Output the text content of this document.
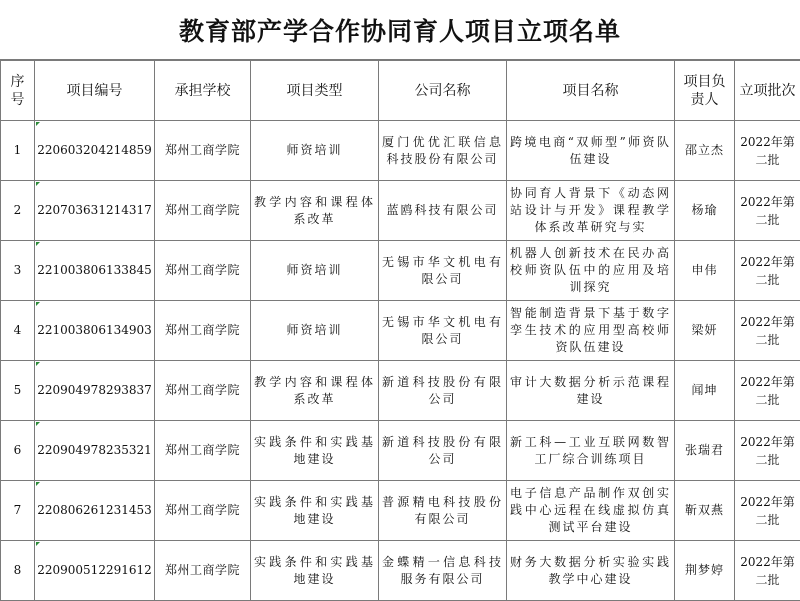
教育部产学合作协同育人项目立项名单
序号	项目编号	承担学校	项目类型	公司名称	项目名称	项目负责人	立项批次
1	220603204214859	郑州工商学院	师资培训	厦门优优汇联信息科技股份有限公司	跨境电商“双师型”师资队伍建设	邵立杰	2022年第二批
2	220703631214317	郑州工商学院	教学内容和课程体系改革	蓝鸥科技有限公司	协同育人背景下《动态网站设计与开发》课程教学体系改革研究与实	杨瑜	2022年第二批
3	221003806133845	郑州工商学院	师资培训	无锡市华文机电有限公司	机器人创新技术在民办高校师资队伍中的应用及培训探究	申伟	2022年第二批
4	221003806134903	郑州工商学院	师资培训	无锡市华文机电有限公司	智能制造背景下基于数字孪生技术的应用型高校师资队伍建设	梁妍	2022年第二批
5	220904978293837	郑州工商学院	教学内容和课程体系改革	新道科技股份有限公司	审计大数据分析示范课程建设	闻坤	2022年第二批
6	220904978235321	郑州工商学院	实践条件和实践基地建设	新道科技股份有限公司	新工科—工业互联网数智工厂综合训练项目	张瑞君	2022年第二批
7	220806261231453	郑州工商学院	实践条件和实践基地建设	普源精电科技股份有限公司	电子信息产品制作双创实践中心远程在线虚拟仿真测试平台建设	靳双燕	2022年第二批
8	220900512291612	郑州工商学院	实践条件和实践基地建设	金蝶精一信息科技服务有限公司	财务大数据分析实验实践教学中心建设	荆梦婷	2022年第二批
